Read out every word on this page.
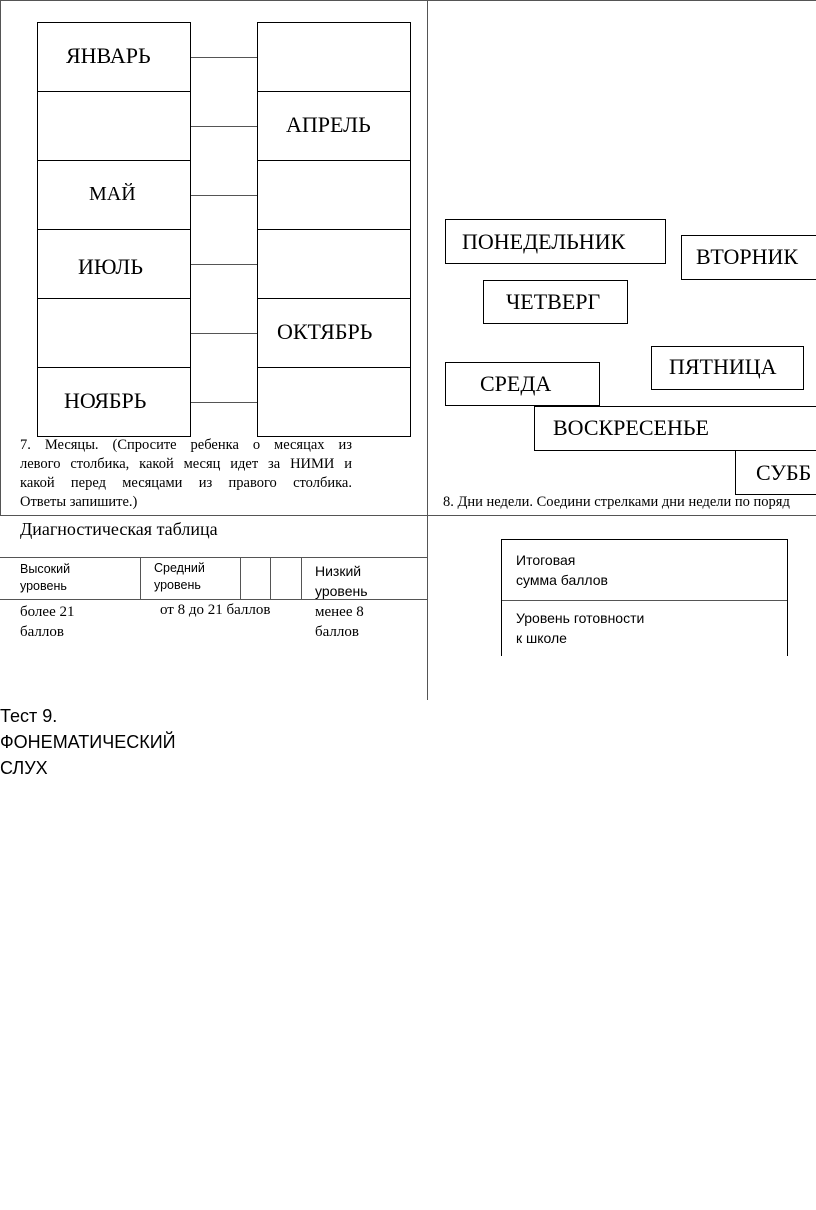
ЯНВАРЬ
МАЙ
ИЮЛЬ
НОЯБРЬ
АПРЕЛЬ
ОКТЯБРЬ
7. Месяцы. (Спросите ребенка о месяцах из
левого столбика, какой месяц идет за НИМИ и
какой перед месяцами из правого столбика.
Ответы запишите.)
ПОНЕДЕЛЬНИК
ВТОРНИК
ЧЕТВЕРГ
ПЯТНИЦА
СРЕДА
ВОСКРЕСЕНЬЕ
СУББ
8. Дни недели. Соедини стрелками дни недели по поряд
Диагностическая таблица
Высокий
уровень
Средний
уровень
Низкий
уровень
более 21
баллов
от 8 до 21 баллов	менее 8
баллов
Итоговая
сумма баллов
Уровень готовности
к школе
Тест 9.
ФОНЕМАТИЧЕСКИЙ
СЛУХ
